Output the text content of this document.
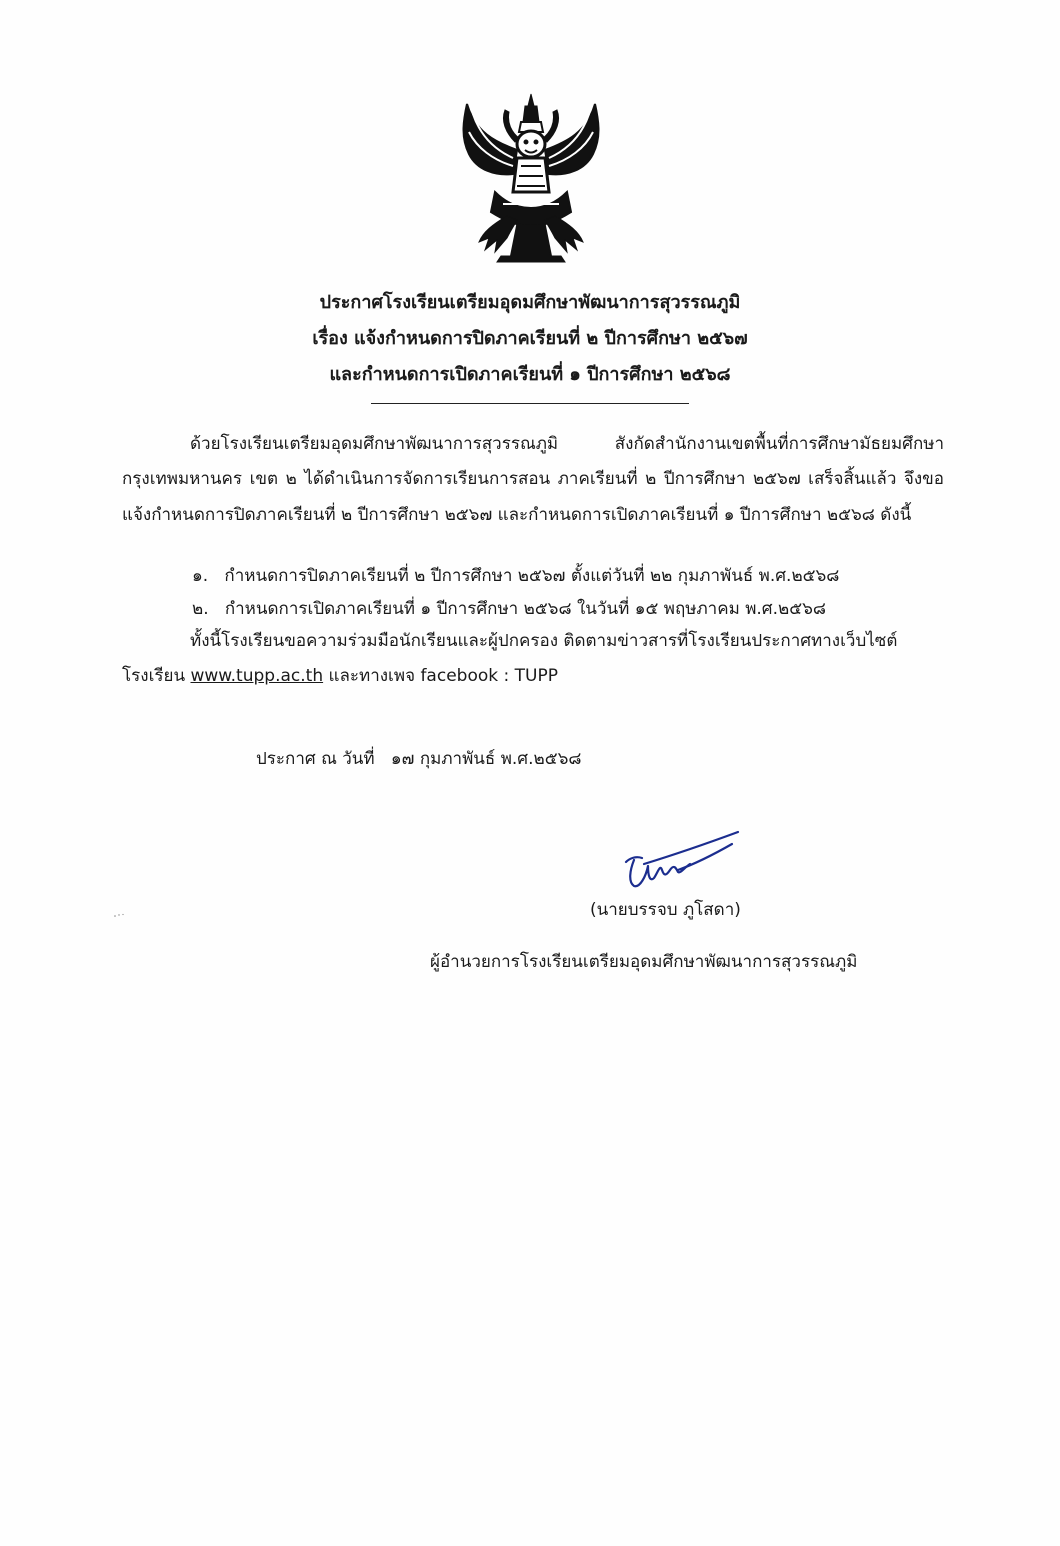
ประกาศโรงเรียนเตรียมอุดมศึกษาพัฒนาการสุวรรณภูมิ
เรื่อง แจ้งกำหนดการปิดภาคเรียนที่ ๒ ปีการศึกษา ๒๕๖๗
และกำหนดการเปิดภาคเรียนที่ ๑ ปีการศึกษา ๒๕๖๘
ด้วยโรงเรียนเตรียมอุดมศึกษาพัฒนาการสุวรรณภูมิ สังกัดสำนักงานเขตพื้นที่การศึกษามัธยมศึกษากรุงเทพมหานคร เขต ๒ ได้ดำเนินการจัดการเรียนการสอน ภาคเรียนที่ ๒ ปีการศึกษา ๒๕๖๗ เสร็จสิ้นแล้ว จึงขอแจ้งกำหนดการปิดภาคเรียนที่ ๒ ปีการศึกษา ๒๕๖๗ และกำหนดการเปิดภาคเรียนที่ ๑ ปีการศึกษา ๒๕๖๘ ดังนี้
๑. กำหนดการปิดภาคเรียนที่ ๒ ปีการศึกษา ๒๕๖๗ ตั้งแต่วันที่ ๒๒ กุมภาพันธ์ พ.ศ.๒๕๖๘
๒. กำหนดการเปิดภาคเรียนที่ ๑ ปีการศึกษา ๒๕๖๘ ในวันที่ ๑๕ พฤษภาคม พ.ศ.๒๕๖๘
ทั้งนี้โรงเรียนขอความร่วมมือนักเรียนและผู้ปกครอง ติดตามข่าวสารที่โรงเรียนประกาศทางเว็บไซต์
โรงเรียน www.tupp.ac.th และทางเพจ facebook : TUPP
ประกาศ ณ วันที่ ๑๗ กุมภาพันธ์ พ.ศ.๒๕๖๘
(นายบรรจบ ภูโสดา)
ผู้อำนวยการโรงเรียนเตรียมอุดมศึกษาพัฒนาการสุวรรณภูมิ
